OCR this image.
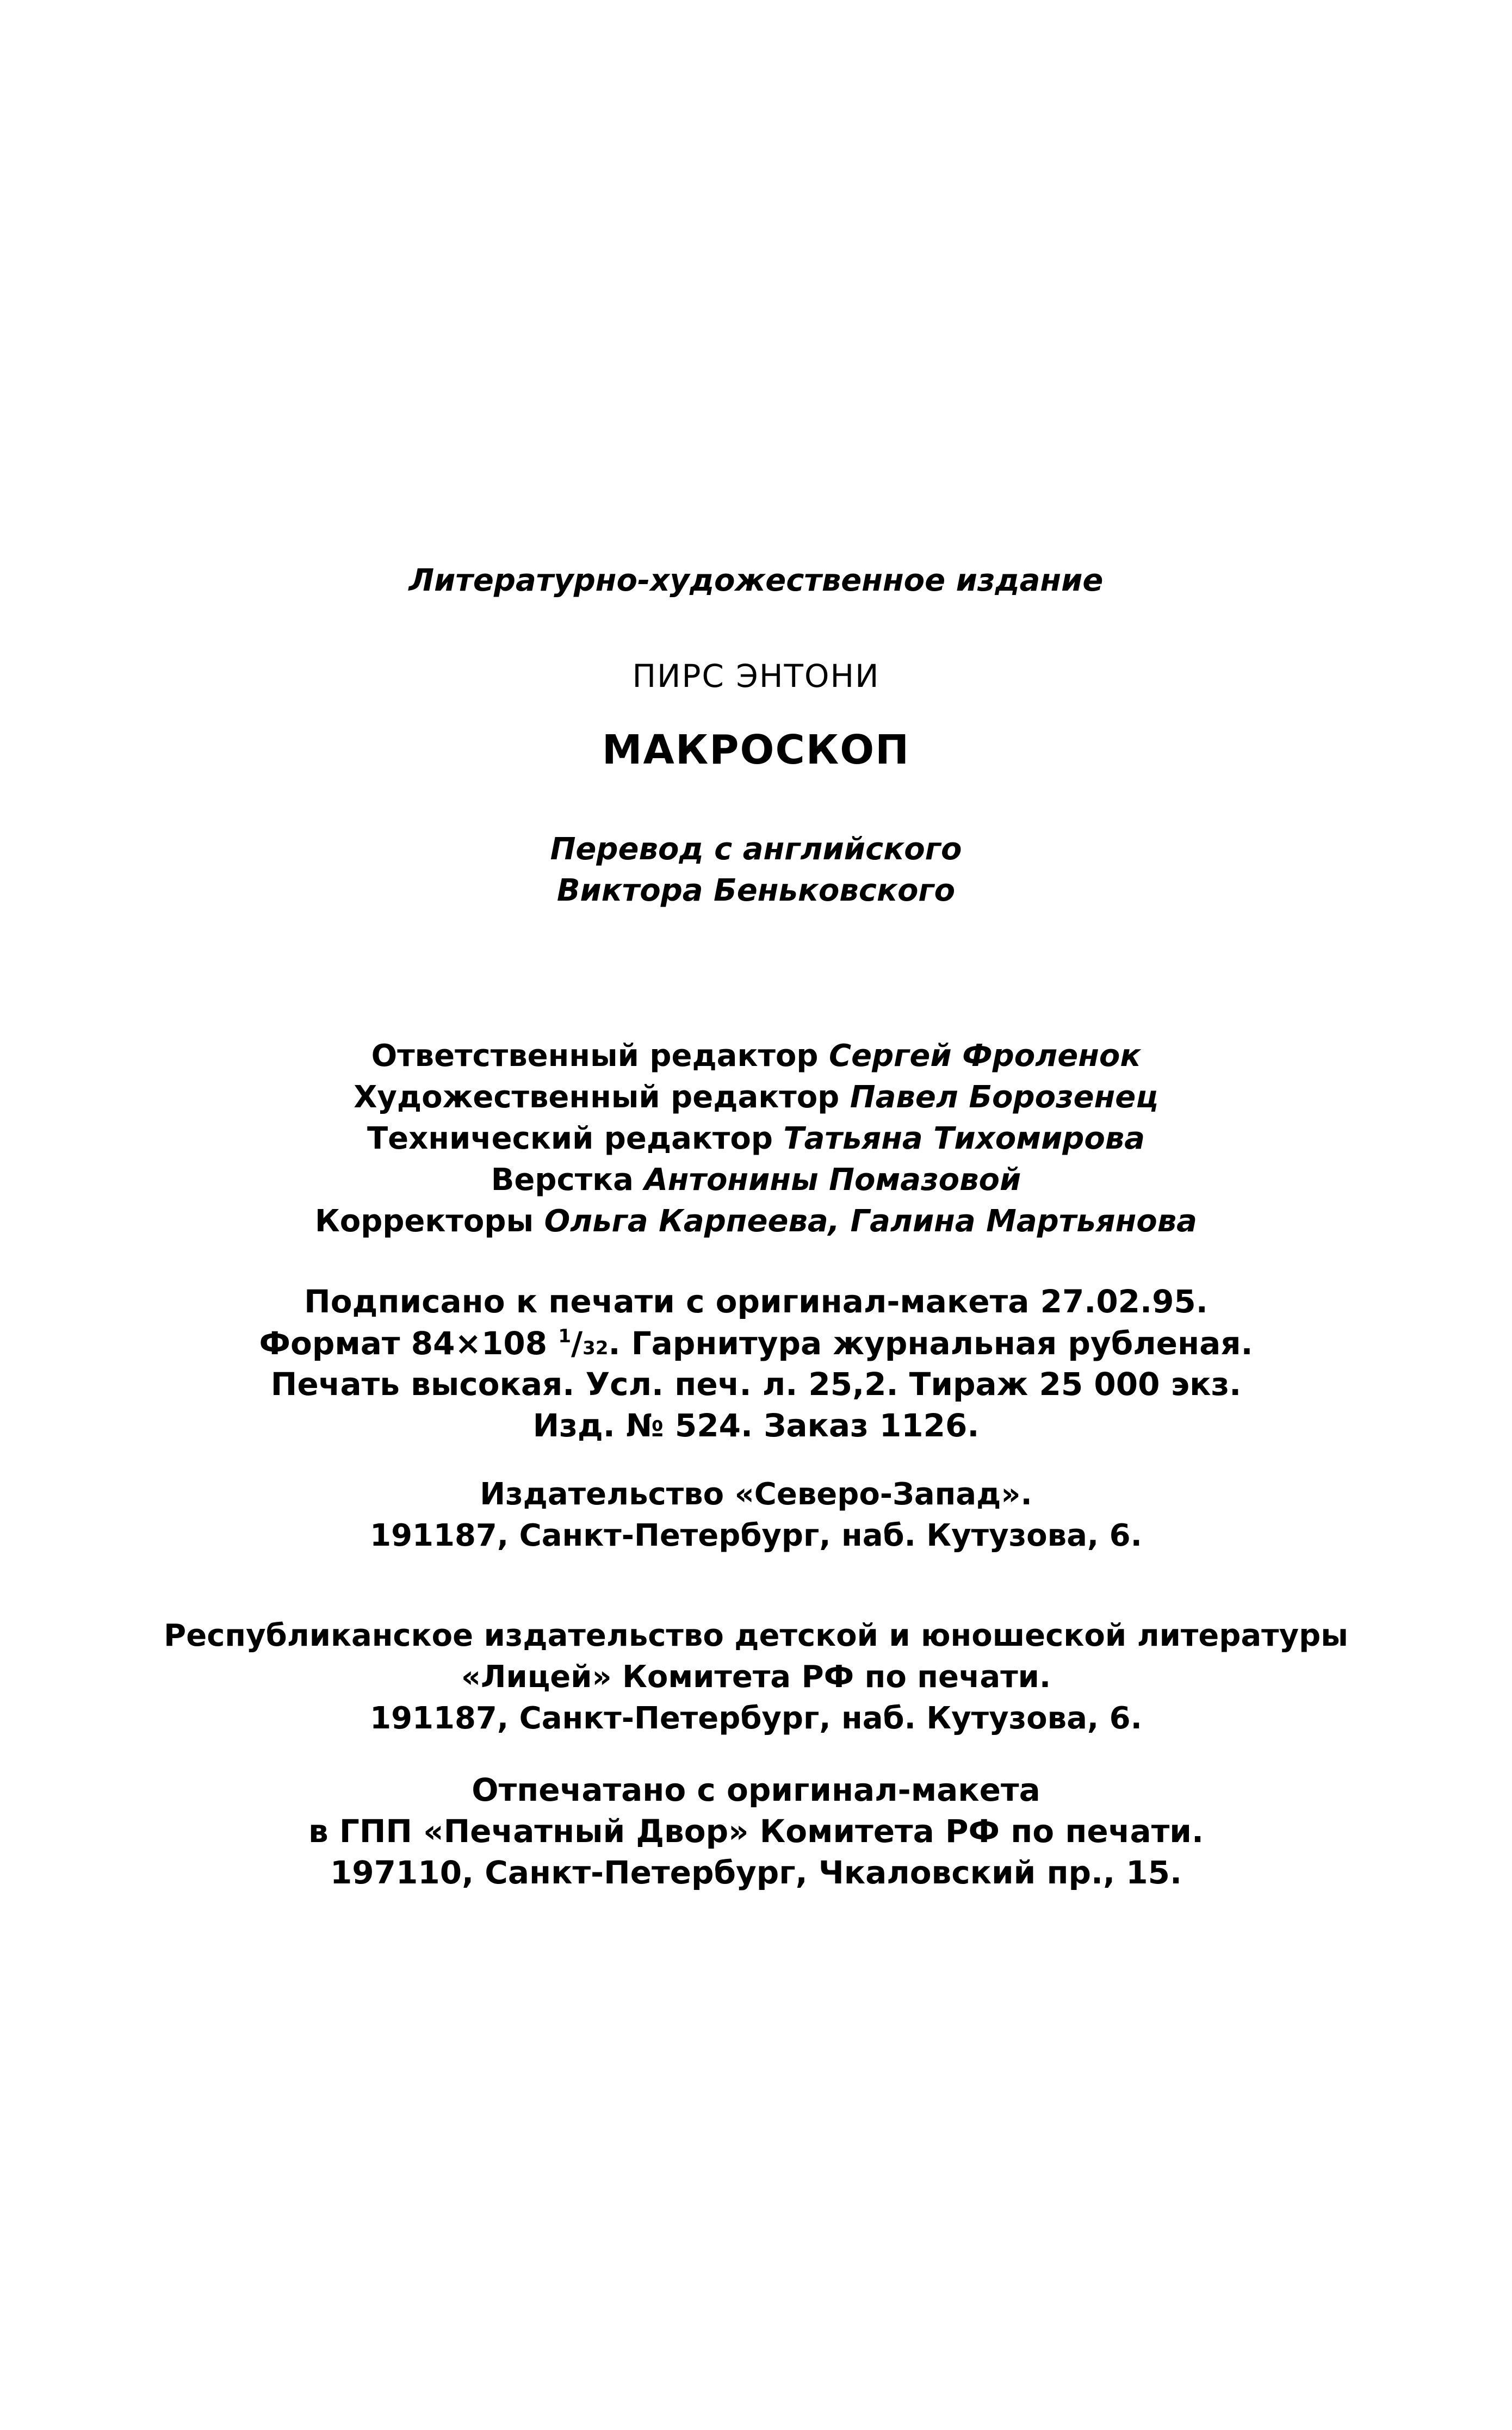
Литературно-художественное издание
ПИРС ЭНТОНИ
МАКРОСКОП
Перевод с английского
Виктора Беньковского
Ответственный редактор Сергей Фроленок
Художественный редактор Павел Борозенец
Технический редактор Татьяна Тихомирова
Верстка Антонины Помазовой
Корректоры Ольга Карпеева, Галина Мартьянова
Подписано к печати с оригинал-макета 27.02.95.
Формат 84×108 $^1$/32. Гарнитура журнальная рубленая.
Печать высокая. Усл. печ. л. 25,2. Тираж 25 000 экз.
Изд. № 524. Заказ 1126.
Издательство «Северо-Запад».
191187, Санкт-Петербург, наб. Кутузова, 6.
Республиканское издательство детской и юношеской литературы
«Лицей» Комитета РФ по печати.
191187, Санкт-Петербург, наб. Кутузова, 6.
Отпечатано с оригинал-макета
в ГПП «Печатный Двор» Комитета РФ по печати.
197110, Санкт-Петербург, Чкаловский пр., 15.
